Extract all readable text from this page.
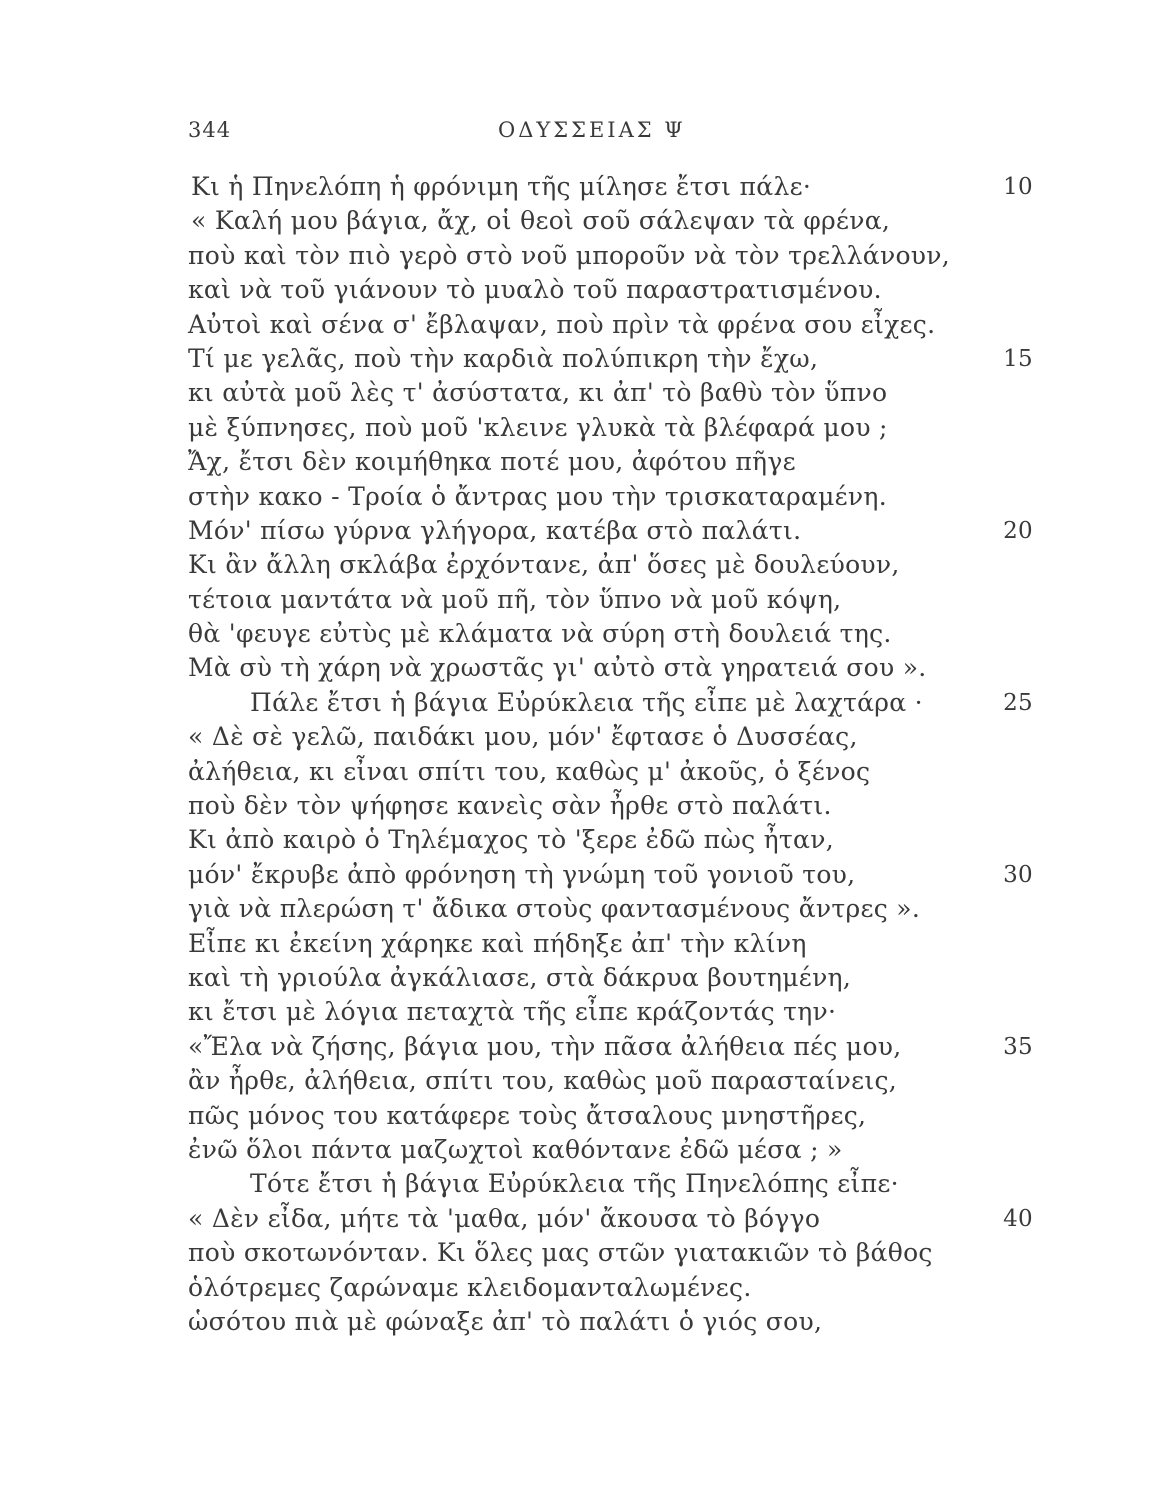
344	ΟΔΥΣΣΕΙΑΣ Ψ
Κι ἡ Πηνελόπη ἡ φρόνιμη τῆς μίλησε ἔτσι πάλε·	10
« Καλή μου βάγια, ἄχ, οἱ θεοὶ σοῦ σάλεψαν τὰ φρένα,
ποὺ καὶ τὸν πιὸ γερὸ στὸ νοῦ μποροῦν νὰ τὸν τρελλάνουν,
καὶ νὰ τοῦ γιάνουν τὸ μυαλὸ τοῦ παραστρατισμένου.
Αὐτοὶ καὶ σένα σ' ἔβλαψαν, ποὺ πρὶν τὰ φρένα σου εἶχες.
Τί με γελᾶς, ποὺ τὴν καρδιὰ πολύπικρη τὴν ἔχω,	15
κι αὐτὰ μοῦ λὲς τ' ἀσύστατα, κι ἀπ' τὸ βαθὺ τὸν ὕπνο
μὲ ξύπνησες, ποὺ μοῦ 'κλεινε γλυκὰ τὰ βλέφαρά μου ;
Ἄχ, ἔτσι δὲν κοιμήθηκα ποτέ μου, ἀφότου πῆγε
στὴν κακο - Τροία ὁ ἄντρας μου τὴν τρισκαταραμένη.
Μόν' πίσω γύρνα γλήγορα, κατέβα στὸ παλάτι.	20
Κι ἂν ἄλλη σκλάβα ἐρχόντανε, ἀπ' ὅσες μὲ δουλεύουν,
τέτοια μαντάτα νὰ μοῦ πῆ, τὸν ὕπνο νὰ μοῦ κόψη,
θὰ 'φευγε εὐτὺς μὲ κλάματα νὰ σύρη στὴ δουλειά της.
Μὰ σὺ τὴ χάρη νὰ χρωστᾶς γι' αὐτὸ στὰ γηρατειά σου ».
Πάλε ἔτσι ἡ βάγια Εὐρύκλεια τῆς εἶπε μὲ λαχτάρα ·	25
« Δὲ σὲ γελῶ, παιδάκι μου, μόν' ἔφτασε ὁ Δυσσέας,
ἀλήθεια, κι εἶναι σπίτι του, καθὼς μ' ἀκοῦς, ὁ ξένος
ποὺ δὲν τὸν ψήφησε κανεὶς σὰν ἦρθε στὸ παλάτι.
Κι ἀπὸ καιρὸ ὁ Τηλέμαχος τὸ 'ξερε ἐδῶ πὼς ἦταν,
μόν' ἔκρυβε ἀπὸ φρόνηση τὴ γνώμη τοῦ γονιοῦ του,	30
γιὰ νὰ πλερώση τ' ἄδικα στοὺς φαντασμένους ἄντρες ».
Εἶπε κι ἐκείνη χάρηκε καὶ πήδηξε ἀπ' τὴν κλίνη
καὶ τὴ γριούλα ἀγκάλιασε, στὰ δάκρυα βουτημένη,
κι ἔτσι μὲ λόγια πεταχτὰ τῆς εἶπε κράζοντάς την·
«Ἔλα νὰ ζήσης, βάγια μου, τὴν πᾶσα ἀλήθεια πές μου,	35
ἂν ἦρθε, ἀλήθεια, σπίτι του, καθὼς μοῦ παρασταίνεις,
πῶς μόνος του κατάφερε τοὺς ἄτσαλους μνηστῆρες,
ἐνῶ ὅλοι πάντα μαζωχτοὶ καθόντανε ἐδῶ μέσα ; »
Τότε ἔτσι ἡ βάγια Εὐρύκλεια τῆς Πηνελόπης εἶπε·
« Δὲν εἶδα, μήτε τὰ 'μαθα, μόν' ἄκουσα τὸ βόγγο	40
ποὺ σκοτωνόνταν. Κι ὅλες μας στῶν γιατακιῶν τὸ βάθος
ὁλότρεμες ζαρώναμε κλειδομανταλωμένες.
ὡσότου πιὰ μὲ φώναξε ἀπ' τὸ παλάτι ὁ γιός σου,
